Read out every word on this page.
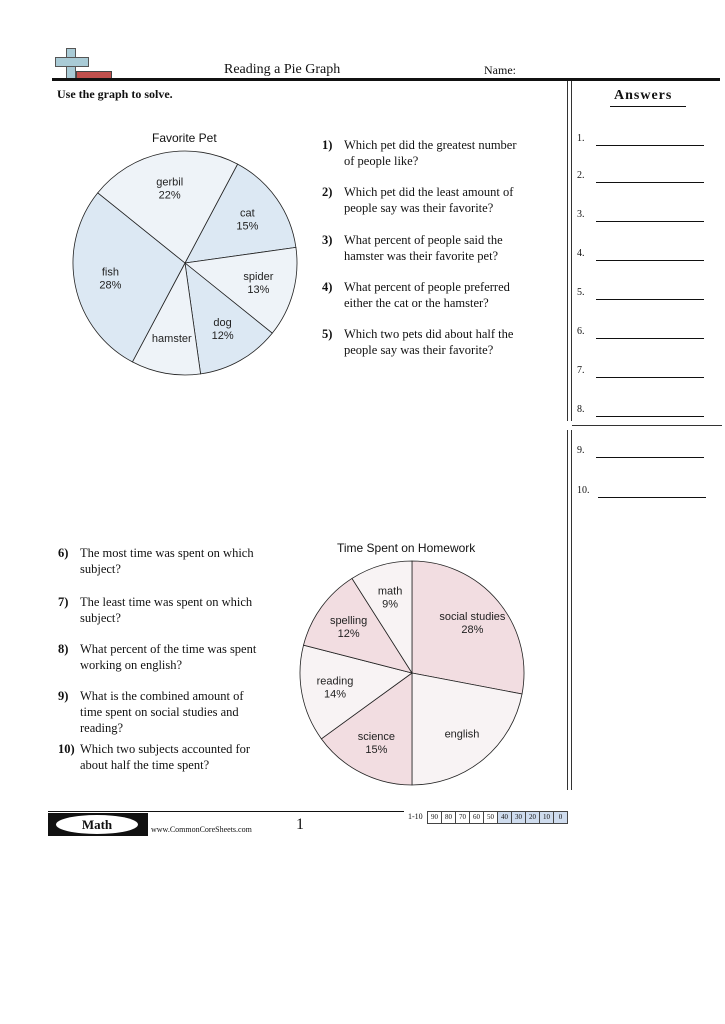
Reading a Pie Graph	Name:
Use the graph to solve.	Answers
1.
2.
3.
4.
5.
6.
7.
8.
9.
10.
Favorite Pet
cat
15%
spider
13%
dog
12%
hamster
fish
28%
gerbil
22%
1) Which pet did the greatest number
of people like?
2) Which pet did the least amount of
people say was their favorite?
3) What percent of people said the
hamster was their favorite pet?
4) What percent of people preferred
either the cat or the hamster?
5) Which two pets did about half the
people say was their favorite?
Time Spent on Homework
social studies
28%
english
science
15%
reading
14%
spelling
12%
math
9%
6) The most time was spent on which
subject?
7) The least time was spent on which
subject?
8) What percent of the time was spent
working on english?
9) What is the combined amount of
time spent on social studies and
reading?
10) Which two subjects accounted for
about half the time spent?
Math	www.CommonCoreSheets.com	1	1-10	90	80	70	60	50	40	30	20	10	0
